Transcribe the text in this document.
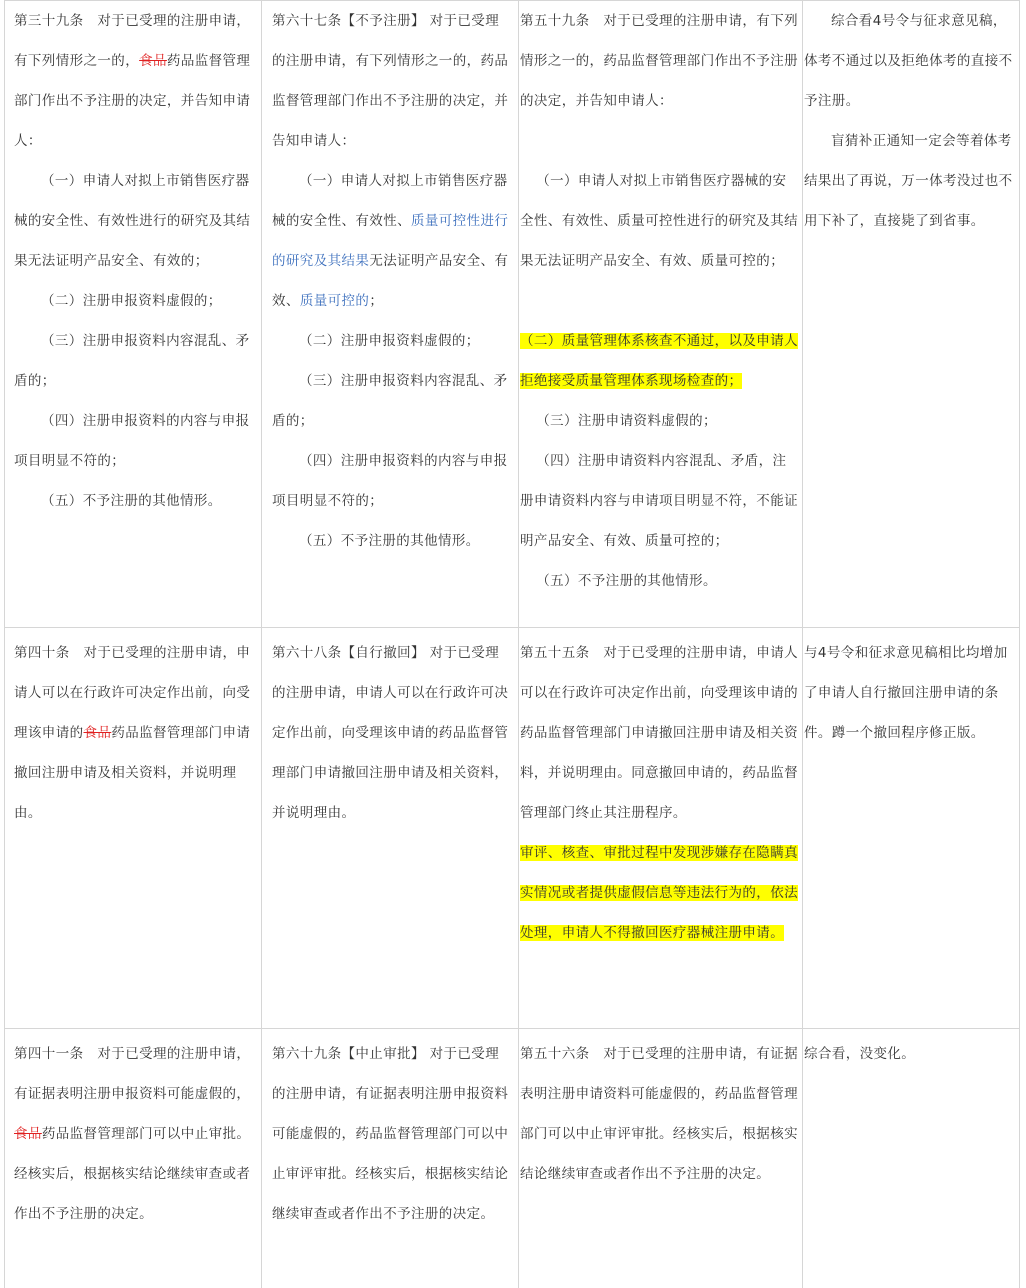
第三十九条　对于已受理的注册申请，有下列情形之一的，食品药品监督管理部门作出不予注册的决定，并告知申请人：

（一）申请人对拟上市销售医疗器械的安全性、有效性进行的研究及其结果无法证明产品安全、有效的；

（二）注册申报资料虚假的；

（三）注册申报资料内容混乱、矛盾的；

（四）注册申报资料的内容与申报项目明显不符的；

（五）不予注册的其他情形。

第六十七条【不予注册】 对于已受理的注册申请，有下列情形之一的，药品监督管理部门作出不予注册的决定，并告知申请人：

（一）申请人对拟上市销售医疗器械的安全性、有效性、质量可控性进行的研究及其结果无法证明产品安全、有效、质量可控的；

（二）注册申报资料虚假的；

（三）注册申报资料内容混乱、矛盾的；

（四）注册申报资料的内容与申报项目明显不符的；

（五）不予注册的其他情形。

第五十九条　对于已受理的注册申请，有下列情形之一的，药品监督管理部门作出不予注册的决定，并告知申请人：

（一）申请人对拟上市销售医疗器械的安全性、有效性、质量可控性进行的研究及其结果无法证明产品安全、有效、质量可控的；

（二）质量管理体系核查不通过，以及申请人拒绝接受质量管理体系现场检查的；

（三）注册申请资料虚假的；

（四）注册申请资料内容混乱、矛盾，注册申请资料内容与申请项目明显不符，不能证明产品安全、有效、质量可控的；

（五）不予注册的其他情形。

综合看4号令与征求意见稿，体考不通过以及拒绝体考的直接不予注册。

盲猜补正通知一定会等着体考结果出了再说，万一体考没过也不用下补了，直接毙了到省事。

第四十条　对于已受理的注册申请，申请人可以在行政许可决定作出前，向受理该申请的食品药品监督管理部门申请撤回注册申请及相关资料，并说明理由。

第六十八条【自行撤回】 对于已受理的注册申请，申请人可以在行政许可决定作出前，向受理该申请的药品监督管理部门申请撤回注册申请及相关资料，并说明理由。

第五十五条　对于已受理的注册申请，申请人可以在行政许可决定作出前，向受理该申请的药品监督管理部门申请撤回注册申请及相关资料，并说明理由。同意撤回申请的，药品监督管理部门终止其注册程序。

审评、核查、审批过程中发现涉嫌存在隐瞒真实情况或者提供虚假信息等违法行为的，依法处理，申请人不得撤回医疗器械注册申请。

与4号令和征求意见稿相比均增加了申请人自行撤回注册申请的条件。蹲一个撤回程序修正版。

第四十一条　对于已受理的注册申请，有证据表明注册申报资料可能虚假的，食品药品监督管理部门可以中止审批。经核实后，根据核实结论继续审查或者作出不予注册的决定。

第六十九条【中止审批】 对于已受理的注册申请，有证据表明注册申报资料可能虚假的，药品监督管理部门可以中止审评审批。经核实后，根据核实结论继续审查或者作出不予注册的决定。

第五十六条　对于已受理的注册申请，有证据表明注册申请资料可能虚假的，药品监督管理部门可以中止审评审批。经核实后，根据核实结论继续审查或者作出不予注册的决定。

综合看，没变化。
